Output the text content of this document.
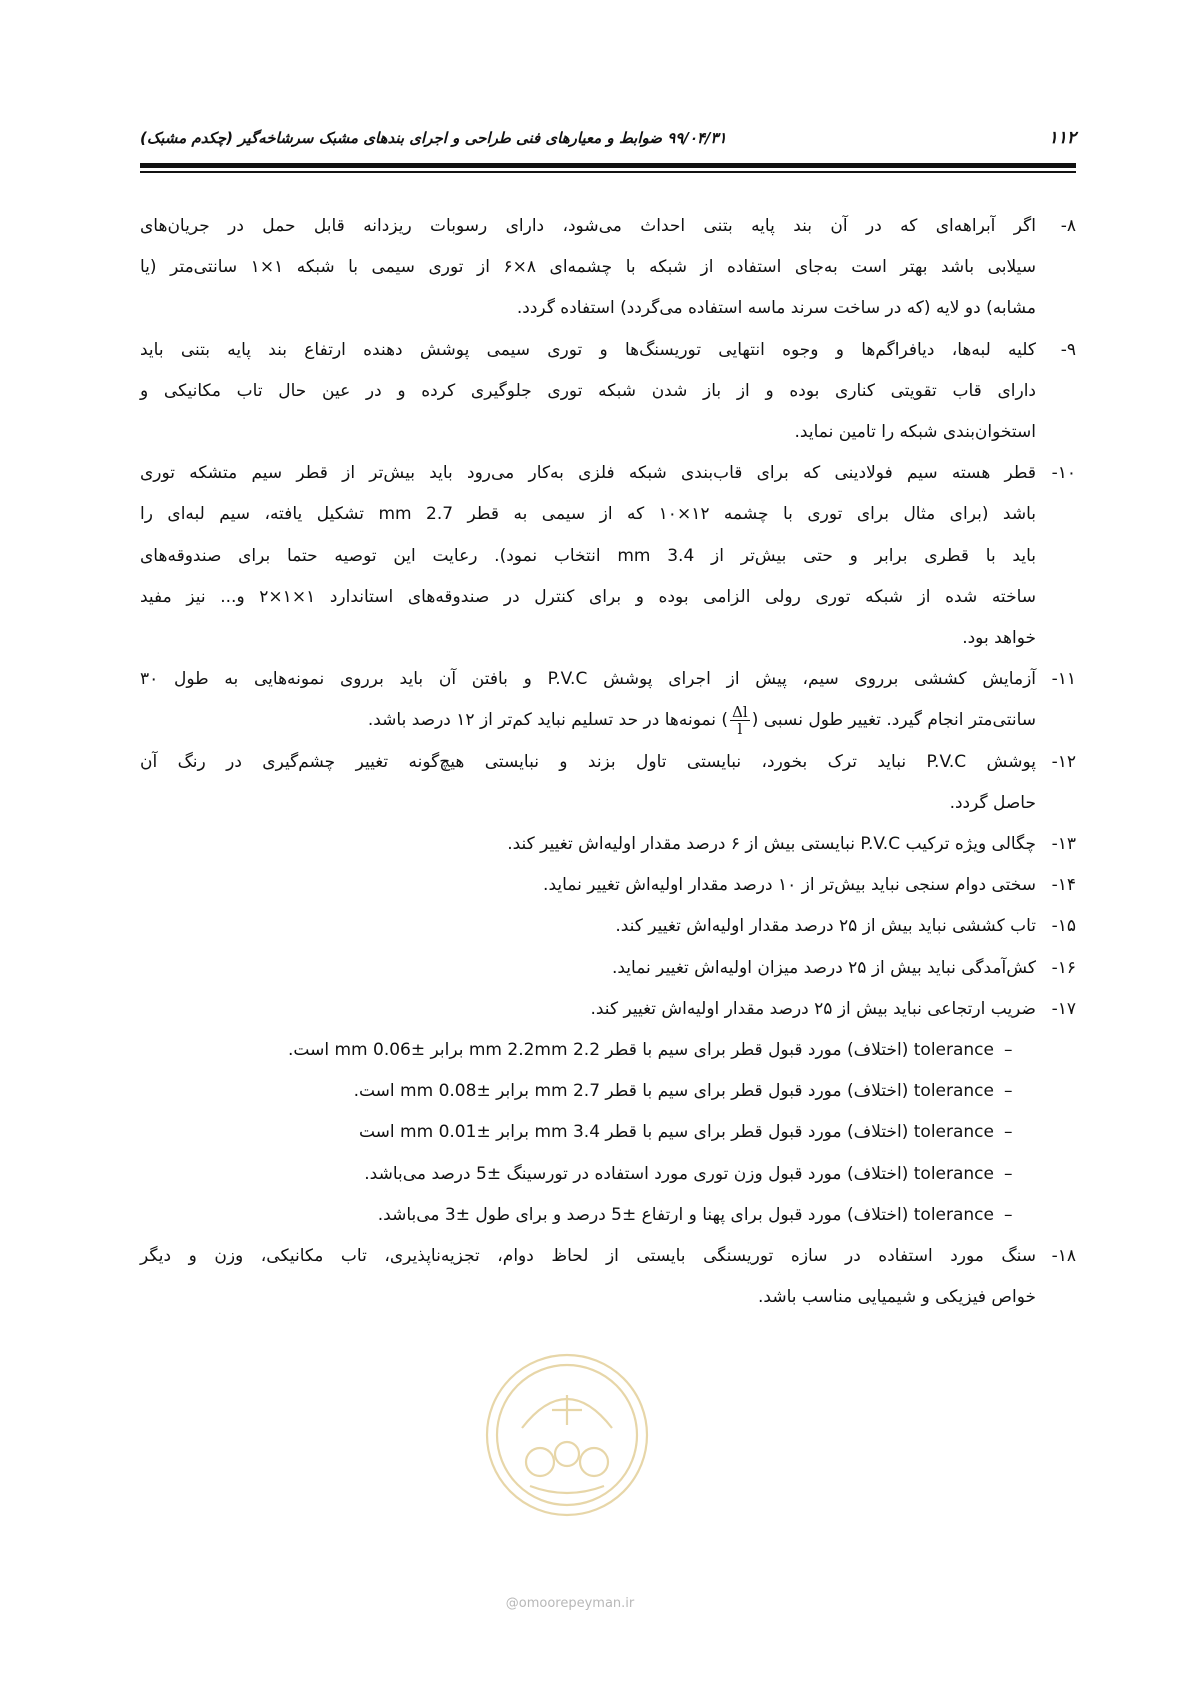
۱۱۲
۹۹/۰۴/۳۱ ضوابط و معیارهای فنی طراحی و اجرای بندهای مشبک سرشاخه‌گیر (چکدم مشبک)
۸-
اگر آبراهه‌ای که در آن بند پایه بتنی احداث می‌شود، دارای رسوبات ریزدانه قابل حمل در جریان‌های
سیلابی باشد بهتر است به‌جای استفاده از شبکه با چشمه‌ای ۸×۶ از توری سیمی با شبکه ۱×۱ سانتی‌متر (یا
مشابه) دو لایه (که در ساخت سرند ماسه استفاده می‌گردد) استفاده گردد.
۹-
کلیه لبه‌ها، دیافراگم‌ها و وجوه انتهایی توریسنگ‌ها و توری سیمی پوشش دهنده ارتفاع بند پایه بتنی باید
دارای قاب تقویتی کناری بوده و از باز شدن شبکه توری جلوگیری کرده و در عین حال تاب مکانیکی و
استخوان‌بندی شبکه را تامین نماید.
۱۰-
قطر هسته سیم فولادینی که برای قاب‌بندی شبکه فلزی به‌کار می‌رود باید بیش‌تر از قطر سیم متشکه توری
باشد (برای مثال برای توری با چشمه ۱۲×۱۰ که از سیمی به قطر 2.7 mm تشکیل یافته، سیم لبه‌ای را
باید با قطری برابر و حتی بیش‌تر از 3.4 mm انتخاب نمود). رعایت این توصیه حتما برای صندوقه‌های
ساخته شده از شبکه توری رولی الزامی بوده و برای کنترل در صندوقه‌های استاندارد ۱×۱×۲ و... نیز مفید
خواهد بود.
۱۱-
آزمایش کششی برروی سیم، پیش از اجرای پوشش P.V.C و بافتن آن باید برروی نمونه‌هایی به طول ۳۰
سانتی‌متر انجام گیرد. تغییر طول نسبی (
$\frac{\Delta l}{l}$
) نمونه‌ها در حد تسلیم نباید کم‌تر از ۱۲ درصد باشد.
۱۲-
پوشش P.V.C نباید ترک بخورد، نبایستی تاول بزند و نبایستی هیچ‌گونه تغییر چشم‌گیری در رنگ آن
حاصل گردد.
۱۳-
چگالی ویژه ترکیب P.V.C نبایستی بیش از ۶ درصد مقدار اولیه‌اش تغییر کند.
۱۴-
سختی دوام سنجی نباید بیش‌تر از ۱۰ درصد مقدار اولیه‌اش تغییر نماید.
۱۵-
تاب کششی نباید بیش از ۲۵ درصد مقدار اولیه‌اش تغییر کند.
۱۶-
کش‌آمدگی نباید بیش از ۲۵ درصد میزان اولیه‌اش تغییر نماید.
۱۷-
ضریب ارتجاعی نباید بیش از ۲۵ درصد مقدار اولیه‌اش تغییر کند.
–
tolerance (اختلاف) مورد قبول قطر برای سیم با قطر 2.2 mm 2.2mm برابر ±0.06 mm است.
–
tolerance (اختلاف) مورد قبول قطر برای سیم با قطر 2.7 mm برابر ±0.08 mm است.
–
tolerance (اختلاف) مورد قبول قطر برای سیم با قطر 3.4 mm برابر ±0.01 mm است
–
tolerance (اختلاف) مورد قبول وزن توری مورد استفاده در تورسینگ ±5 درصد می‌باشد.
–
tolerance (اختلاف) مورد قبول برای پهنا و ارتفاع ±5 درصد و برای طول ±3 می‌باشد.
۱۸-
سنگ مورد استفاده در سازه توریسنگی بایستی از لحاظ دوام، تجزیه‌ناپذیری، تاب مکانیکی، وزن و دیگر
خواص فیزیکی و شیمیایی مناسب باشد.
@omoorepeyman.ir
